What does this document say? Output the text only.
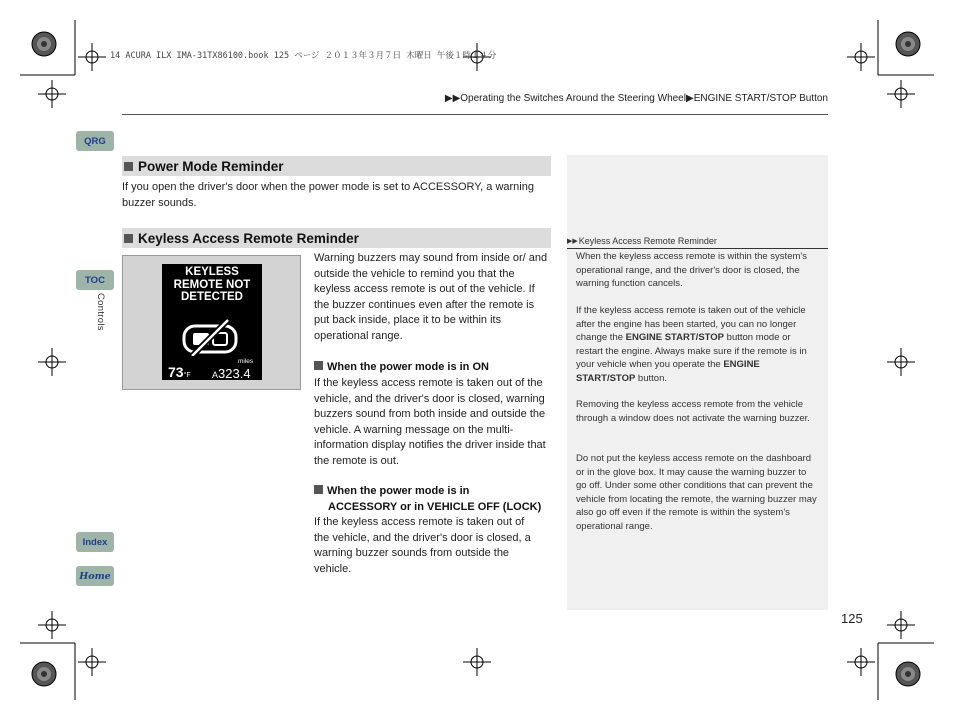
14 ACURA ILX IMA-31TX86100.book 125 ページ ２０１３年３月７日 木曜日 午後１時１４分
▶▶Operating the Switches Around the Steering Wheel▶ENGINE START/STOP Button
QRG
TOC
Controls
Index
Home
Power Mode Reminder
If you open the driver's door when the power mode is set to ACCESSORY, a warning buzzer sounds.
Keyless Access Remote Reminder
KEYLESS
REMOTE NOT
DETECTED
73°F
miles
A323.4
Warning buzzers may sound from inside or/ and outside the vehicle to remind you that the keyless access remote is out of the vehicle. If the buzzer continues even after the remote is put back inside, place it to be within its operational range.
When the power mode is in ON
If the keyless access remote is taken out of the vehicle, and the driver's door is closed, warning buzzers sound from both inside and outside the vehicle. A warning message on the multi-information display notifies the driver inside that the remote is out.
When the power mode is in
ACCESSORY or in VEHICLE OFF (LOCK)
If the keyless access remote is taken out of the vehicle, and the driver's door is closed, a warning buzzer sounds from outside the vehicle.
▶▶ Keyless Access Remote Reminder
When the keyless access remote is within the system's operational range, and the driver's door is closed, the warning function cancels.
If the keyless access remote is taken out of the vehicle after the engine has been started, you can no longer change the ENGINE START/STOP button mode or restart the engine. Always make sure if the remote is in your vehicle when you operate the ENGINE START/STOP button.
Removing the keyless access remote from the vehicle through a window does not activate the warning buzzer.
Do not put the keyless access remote on the dashboard or in the glove box. It may cause the warning buzzer to go off. Under some other conditions that can prevent the vehicle from locating the remote, the warning buzzer may also go off even if the remote is within the system's operational range.
125
